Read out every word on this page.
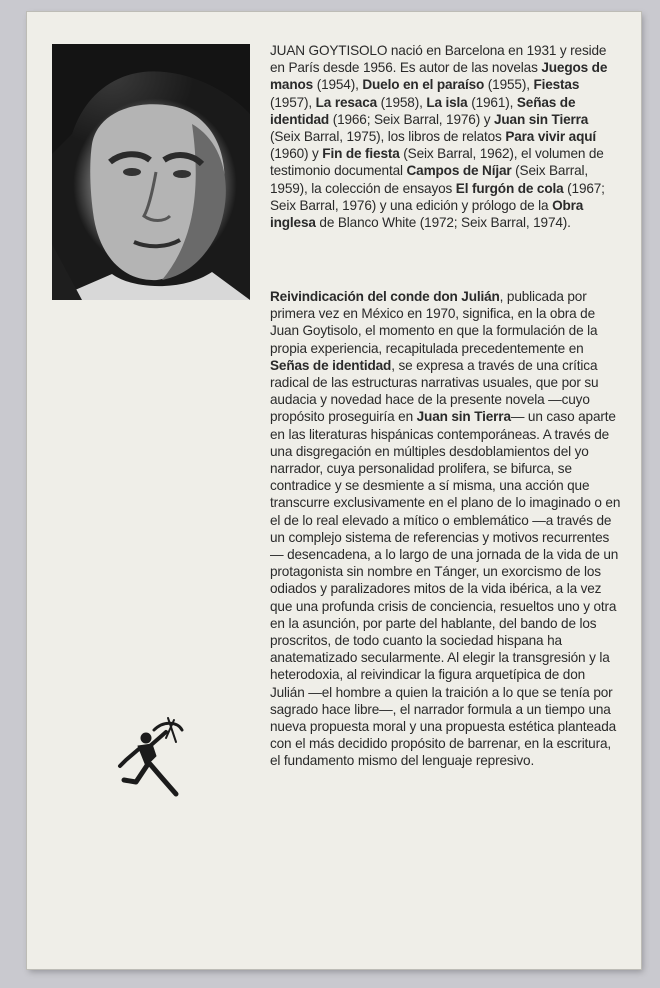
JUAN GOYTISOLO nació en Barcelona en 1931 y reside en París desde 1956. Es autor de las novelas Juegos de manos (1954), Duelo en el paraíso (1955), Fiestas (1957), La resaca (1958), La isla (1961), Señas de identidad (1966; Seix Barral, 1976) y Juan sin Tierra (Seix Barral, 1975), los libros de relatos Para vivir aquí (1960) y Fin de fiesta (Seix Barral, 1962), el volumen de testimonio documental Campos de Níjar (Seix Barral, 1959), la colección de ensayos El furgón de cola (1967; Seix Barral, 1976) y una edición y prólogo de la Obra inglesa de Blanco White (1972; Seix Barral, 1974).

Reivindicación del conde don Julián, publicada por primera vez en México en 1970, significa, en la obra de Juan Goytisolo, el momento en que la formulación de la propia experiencia, recapitulada precedentemente en Señas de identidad, se expresa a través de una crítica radical de las estructuras narrativas usuales, que por su audacia y novedad hace de la presente novela —cuyo propósito proseguiría en Juan sin Tierra— un caso aparte en las literaturas hispánicas contemporáneas. A través de una disgregación en múltiples desdoblamientos del yo narrador, cuya personalidad prolifera, se bifurca, se contradice y se desmiente a sí misma, una acción que transcurre exclusivamente en el plano de lo imaginado o en el de lo real elevado a mítico o emblemático —a través de un complejo sistema de referencias y motivos recurrentes— desencadena, a lo largo de una jornada de la vida de un protagonista sin nombre en Tánger, un exorcismo de los odiados y paralizadores mitos de la vida ibérica, a la vez que una profunda crisis de conciencia, resueltos uno y otra en la asunción, por parte del hablante, del bando de los proscritos, de todo cuanto la sociedad hispana ha anatematizado secularmente. Al elegir la transgresión y la heterodoxia, al reivindicar la figura arquetípica de don Julián —el hombre a quien la traición a lo que se tenía por sagrado hace libre—, el narrador formula a un tiempo una nueva propuesta moral y una propuesta estética planteada con el más decidido propósito de barrenar, en la escritura, el fundamento mismo del lenguaje represivo.
